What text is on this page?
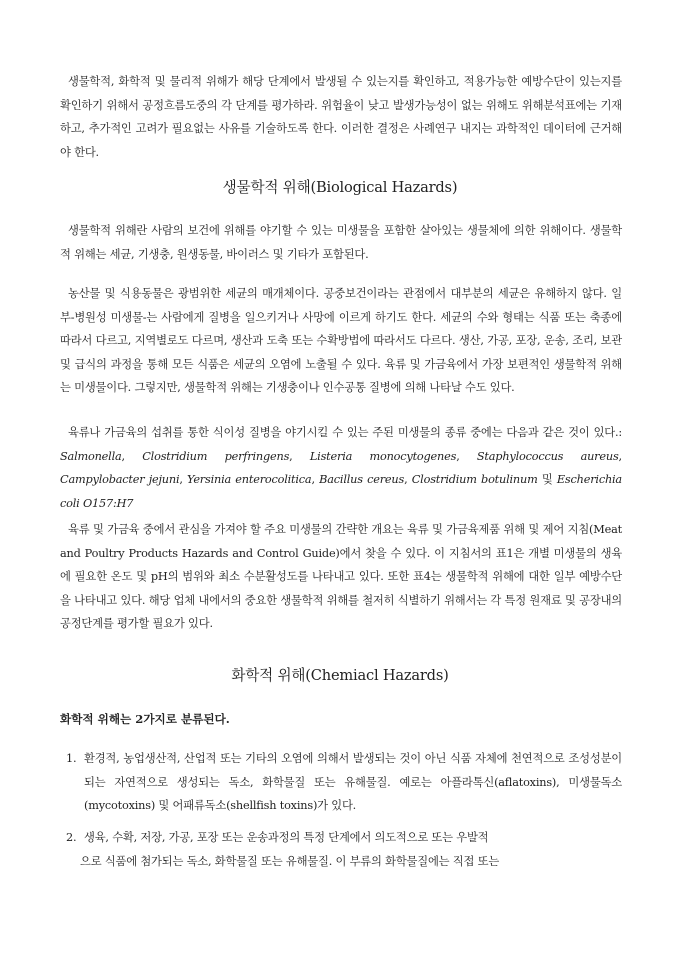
생물학적, 화학적 및 물리적 위해가 해당 단계에서 발생될 수 있는지를 확인하고, 적용가능한 예방수단이 있는지를 확인하기 위해서 공정흐름도중의 각 단계를 평가하라. 위험율이 낮고 발생가능성이 없는 위해도 위해분석표에는 기재하고, 추가적인 고려가 필요없는 사유를 기술하도록 한다. 이러한 결정은 사례연구 내지는 과학적인 데이터에 근거해야 한다.

생물학적 위해(Biological Hazards)

생물학적 위해란 사람의 보건에 위해를 야기할 수 있는 미생물을 포함한 살아있는 생물체에 의한 위해이다. 생물학적 위해는 세균, 기생충, 원생동물, 바이러스 및 기타가 포함된다.

농산물 및 식용동물은 광범위한 세균의 매개체이다. 공중보건이라는 관점에서 대부분의 세균은 유해하지 않다. 일부-병원성 미생물-는 사람에게 질병을 일으키거나 사망에 이르게 하기도 한다. 세균의 수와 형태는 식품 또는 축종에 따라서 다르고, 지역별로도 다르며, 생산과 도축 또는 수확방법에 따라서도 다르다. 생산, 가공, 포장, 운송, 조리, 보관 및 급식의 과정을 통해 모든 식품은 세균의 오염에 노출될 수 있다. 육류 및 가금육에서 가장 보편적인 생물학적 위해는 미생물이다. 그렇지만, 생물학적 위해는 기생충이나 인수공통 질병에 의해 나타날 수도 있다.

육류나 가금육의 섭취를 통한 식이성 질병을 야기시킬 수 있는 주된 미생물의 종류 중에는 다음과 같은 것이 있다.: Salmonella, Clostridium perfringens, Listeria monocytogenes, Staphylococcus aureus, Campylobacter jejuni, Yersinia enterocolitica, Bacillus cereus, Clostridium botulinum 및 Escherichia coli O157:H7

육류 및 가금육 중에서 관심을 가져야 할 주요 미생물의 간략한 개요는 육류 및 가금육제품 위해 및 제어 지침(Meat and Poultry Products Hazards and Control Guide)에서 찾을 수 있다. 이 지침서의 표1은 개별 미생물의 생육에 필요한 온도 및 pH의 범위와 최소 수분활성도를 나타내고 있다. 또한 표4는 생물학적 위해에 대한 일부 예방수단을 나타내고 있다. 해당 업체 내에서의 중요한 생물학적 위해를 철저히 식별하기 위해서는 각 특정 원재료 및 공장내의 공정단계를 평가할 필요가 있다.

화학적 위해(Chemiacl Hazards)

화학적 위해는 2가지로 분류된다.

1. 환경적, 농업생산적, 산업적 또는 기타의 오염에 의해서 발생되는 것이 아닌 식품 자체에 천연적으로 조성성분이 되는 자연적으로 생성되는 독소, 화학물질 또는 유해물질. 예로는 아플라톡신(aflatoxins), 미생물독소(mycotoxins) 및 어패류독소(shellfish toxins)가 있다.
2. 생육, 수확, 저장, 가공, 포장 또는 운송과정의 특정 단계에서 의도적으로 또는 우발적
으로 식품에 첨가되는 독소, 화학물질 또는 유해물질. 이 부류의 화학물질에는 직접 또는
